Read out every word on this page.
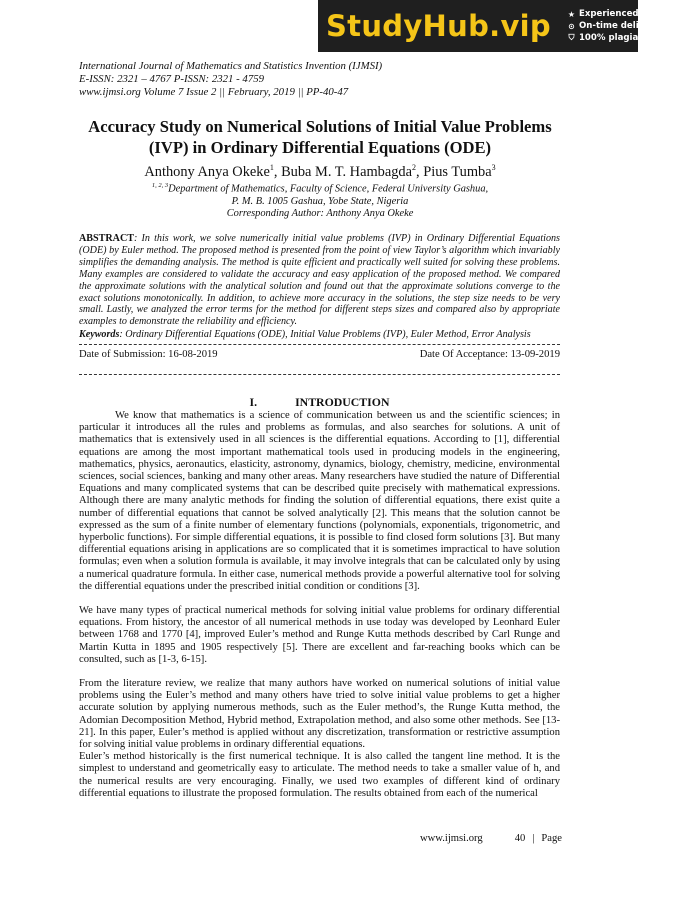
StudyHub.vip ★ Experienced writers
⊙ On-time delivery
⛉ 100% plagiarism free
International Journal of Mathematics and Statistics Invention (IJMSI)
E-ISSN: 2321 – 4767 P-ISSN: 2321 - 4759
www.ijmsi.org Volume 7 Issue 2 || February, 2019 || PP-40-47
Accuracy Study on Numerical Solutions of Initial Value Problems
(IVP) in Ordinary Differential Equations (ODE)
Anthony Anya Okeke$^1$, Buba M. T. Hambagda$^2$, Pius Tumba$^3$
$^{1, 2, 3}$Department of Mathematics, Faculty of Science, Federal University Gashua,
P. M. B. 1005 Gashua, Yobe State, Nigeria
Corresponding Author: Anthony Anya Okeke
ABSTRACT: In this work, we solve numerically initial value problems (IVP) in Ordinary Differential Equations (ODE) by Euler method. The proposed method is presented from the point of view Taylor’s algorithm which invariably simplifies the demanding analysis. The method is quite efficient and practically well suited for solving these problems. Many examples are considered to validate the accuracy and easy application of the proposed method. We compared the approximate solutions with the analytical solution and found out that the approximate solutions converge to the exact solutions monotonically. In addition, to achieve more accuracy in the solutions, the step size needs to be very small. Lastly, we analyzed the error terms for the method for different steps sizes and compared also by appropriate examples to demonstrate the reliability and efficiency.
Keywords: Ordinary Differential Equations (ODE), Initial Value Problems (IVP), Euler Method, Error Analysis
Date of Submission: 16-08-2019	Date Of Acceptance: 13-09-2019
I.	INTRODUCTION

We know that mathematics is a science of communication between us and the scientific sciences; in particular it introduces all the rules and problems as formulas, and also searches for solutions. A unit of mathematics that is extensively used in all sciences is the differential equations. According to [1], differential equations are among the most important mathematical tools used in producing models in the engineering, mathematics, physics, aeronautics, elasticity, astronomy, dynamics, biology, chemistry, medicine, environmental sciences, social sciences, banking and many other areas. Many researchers have studied the nature of Differential Equations and many complicated systems that can be described quite precisely with mathematical expressions. Although there are many analytic methods for finding the solution of differential equations, there exist quite a number of differential equations that cannot be solved analytically [2]. This means that the solution cannot be expressed as the sum of a finite number of elementary functions (polynomials, exponentials, trigonometric, and hyperbolic functions). For simple differential equations, it is possible to find closed form solutions [3]. But many differential equations arising in applications are so complicated that it is sometimes impractical to have solution formulas; even when a solution formula is available, it may involve integrals that can be calculated only by using a numerical quadrature formula. In either case, numerical methods provide a powerful alternative tool for solving the differential equations under the prescribed initial condition or conditions [3].

We have many types of practical numerical methods for solving initial value problems for ordinary differential equations. From history, the ancestor of all numerical methods in use today was developed by Leonhard Euler between 1768 and 1770 [4], improved Euler’s method and Runge Kutta methods described by Carl Runge and Martin Kutta in 1895 and 1905 respectively [5]. There are excellent and far-reaching books which can be consulted, such as [1-3, 6-15].

From the literature review, we realize that many authors have worked on numerical solutions of initial value problems using the Euler’s method and many others have tried to solve initial value problems to get a higher accurate solution by applying numerous methods, such as the Euler method’s, the Runge Kutta method, the Adomian Decomposition Method, Hybrid method, Extrapolation method, and also some other methods. See [13-21]. In this paper, Euler’s method is applied without any discretization, transformation or restrictive assumption for solving initial value problems in ordinary differential equations.

Euler’s method historically is the first numerical technique. It is also called the tangent line method. It is the simplest to understand and geometrically easy to articulate. The method needs to take a smaller value of h, and the numerical results are very encouraging. Finally, we used two examples of different kind of ordinary differential equations to illustrate the proposed formulation. The results obtained from each of the numerical

www.ijmsi.org	40 | Page
